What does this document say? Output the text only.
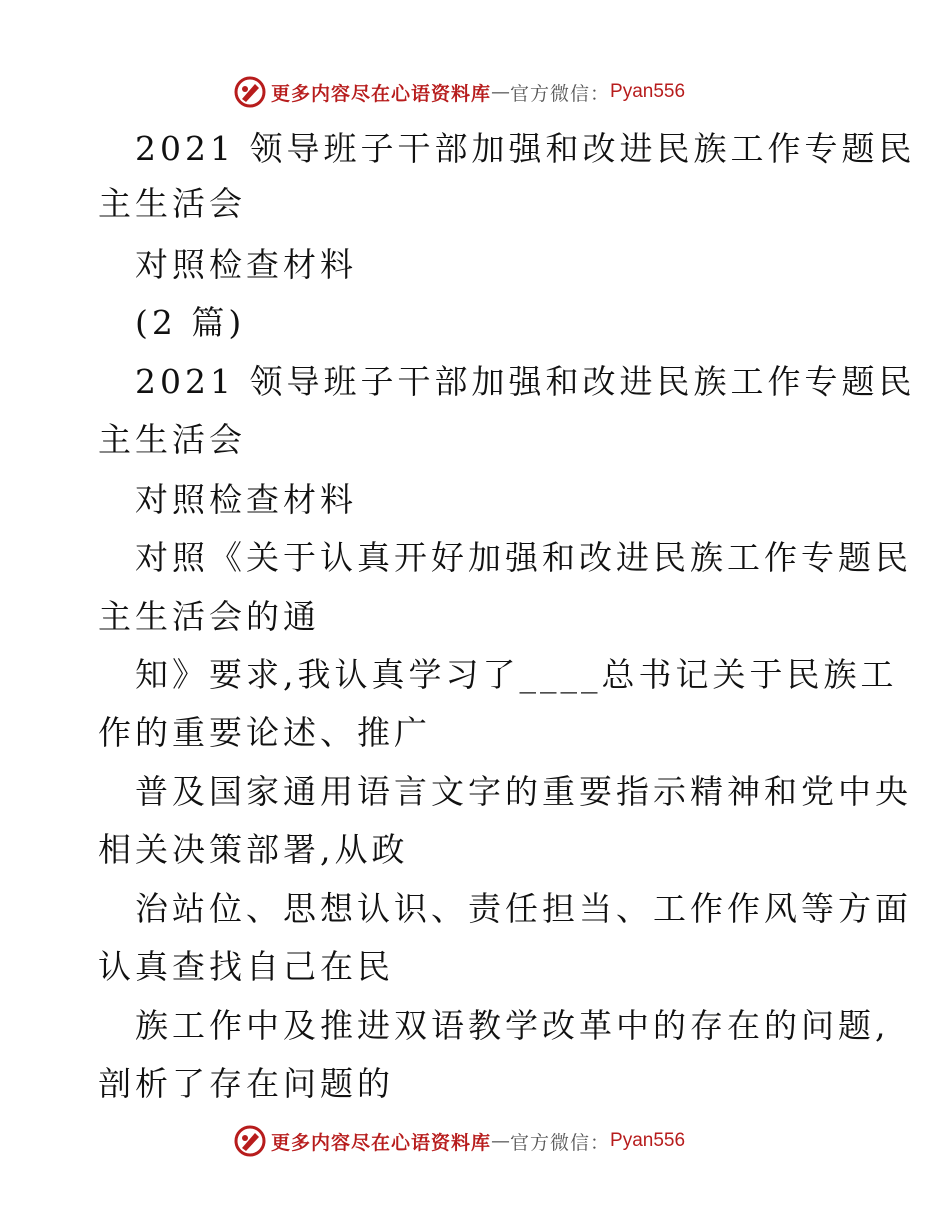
更多内容尽在心语资料库 — 官方微信： Pyan556
2021 领导班子干部加强和改进民族工作专题民
主生活会
对照检查材料
(2 篇)
2021 领导班子干部加强和改进民族工作专题民
主生活会
对照检查材料
对照《关于认真开好加强和改进民族工作专题民
主生活会的通
知》要求,我认真学习了____总书记关于民族工
作的重要论述、推广
普及国家通用语言文字的重要指示精神和党中央
相关决策部署,从政
治站位、思想认识、责任担当、工作作风等方面
认真查找自己在民
族工作中及推进双语教学改革中的存在的问题,
剖析了存在问题的
更多内容尽在心语资料库 — 官方微信： Pyan556
